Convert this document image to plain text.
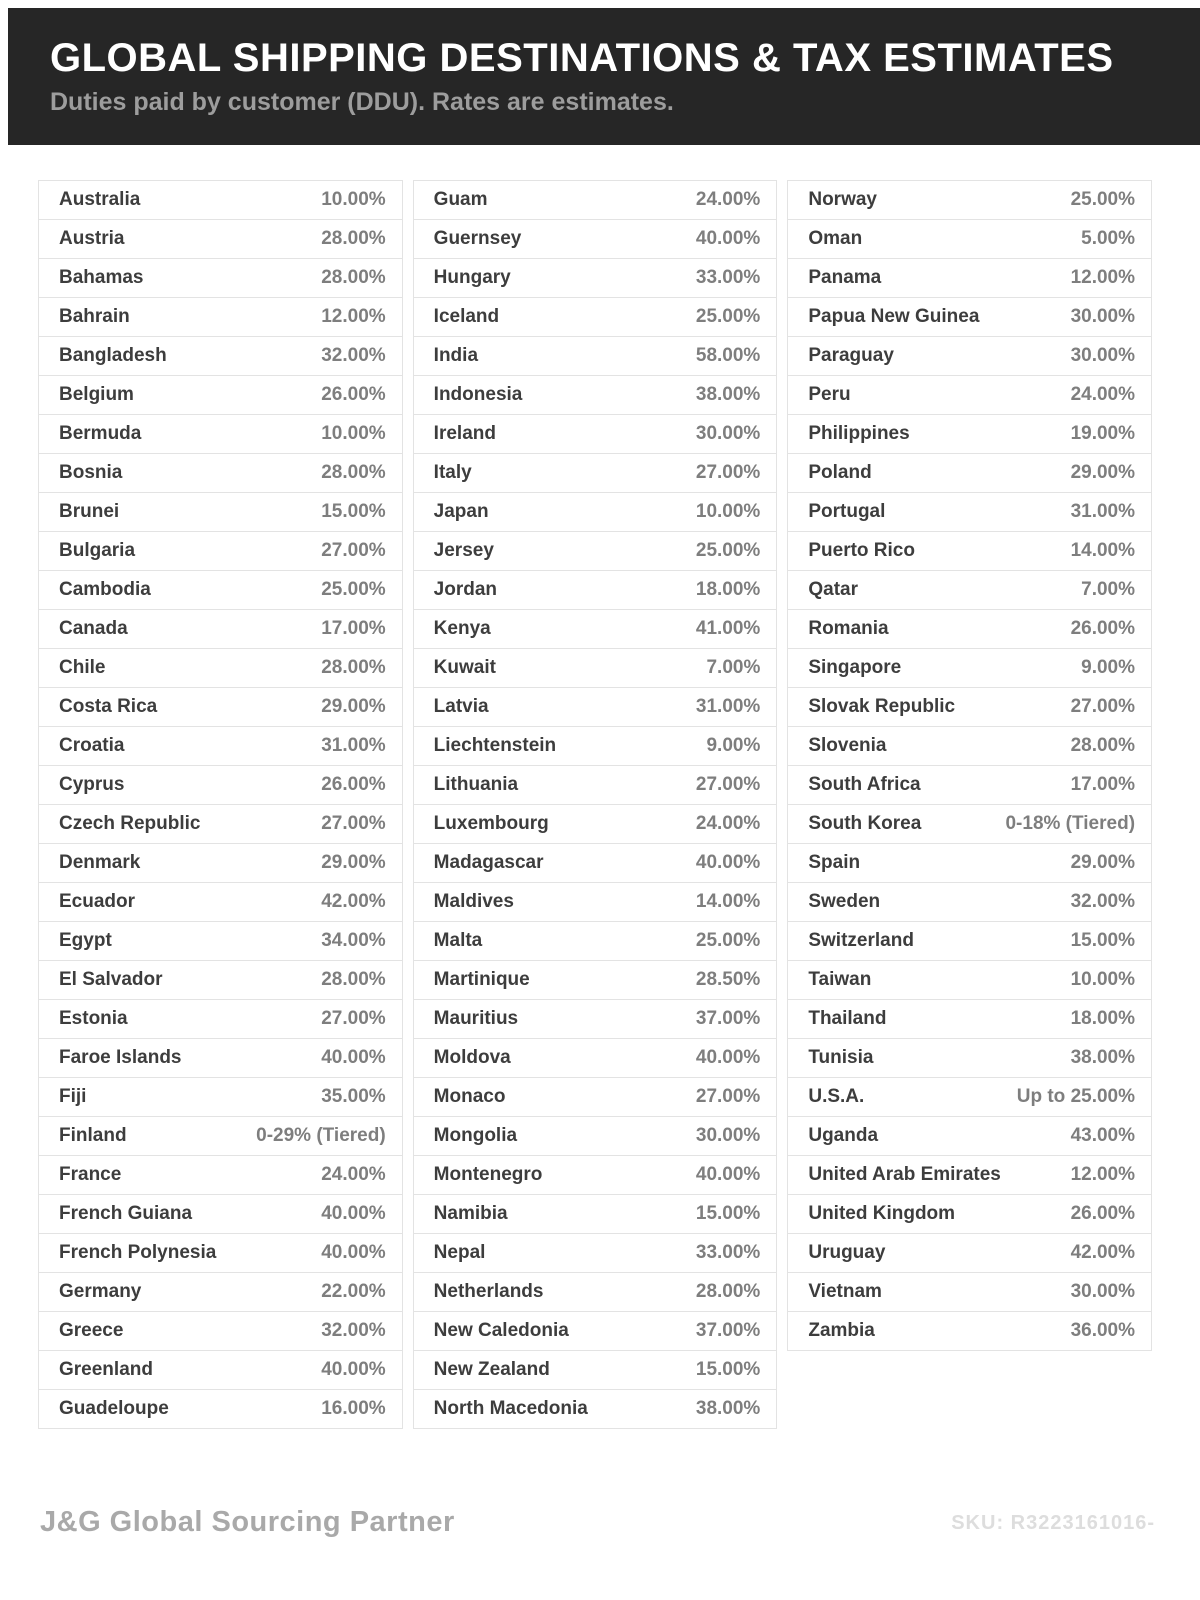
GLOBAL SHIPPING DESTINATIONS & TAX ESTIMATES
Duties paid by customer (DDU). Rates are estimates.
Australia	10.00%
Austria	28.00%
Bahamas	28.00%
Bahrain	12.00%
Bangladesh	32.00%
Belgium	26.00%
Bermuda	10.00%
Bosnia	28.00%
Brunei	15.00%
Bulgaria	27.00%
Cambodia	25.00%
Canada	17.00%
Chile	28.00%
Costa Rica	29.00%
Croatia	31.00%
Cyprus	26.00%
Czech Republic	27.00%
Denmark	29.00%
Ecuador	42.00%
Egypt	34.00%
El Salvador	28.00%
Estonia	27.00%
Faroe Islands	40.00%
Fiji	35.00%
Finland	0-29% (Tiered)
France	24.00%
French Guiana	40.00%
French Polynesia	40.00%
Germany	22.00%
Greece	32.00%
Greenland	40.00%
Guadeloupe	16.00%
Guam	24.00%
Guernsey	40.00%
Hungary	33.00%
Iceland	25.00%
India	58.00%
Indonesia	38.00%
Ireland	30.00%
Italy	27.00%
Japan	10.00%
Jersey	25.00%
Jordan	18.00%
Kenya	41.00%
Kuwait	7.00%
Latvia	31.00%
Liechtenstein	9.00%
Lithuania	27.00%
Luxembourg	24.00%
Madagascar	40.00%
Maldives	14.00%
Malta	25.00%
Martinique	28.50%
Mauritius	37.00%
Moldova	40.00%
Monaco	27.00%
Mongolia	30.00%
Montenegro	40.00%
Namibia	15.00%
Nepal	33.00%
Netherlands	28.00%
New Caledonia	37.00%
New Zealand	15.00%
North Macedonia	38.00%
Norway	25.00%
Oman	5.00%
Panama	12.00%
Papua New Guinea	30.00%
Paraguay	30.00%
Peru	24.00%
Philippines	19.00%
Poland	29.00%
Portugal	31.00%
Puerto Rico	14.00%
Qatar	7.00%
Romania	26.00%
Singapore	9.00%
Slovak Republic	27.00%
Slovenia	28.00%
South Africa	17.00%
South Korea	0-18% (Tiered)
Spain	29.00%
Sweden	32.00%
Switzerland	15.00%
Taiwan	10.00%
Thailand	18.00%
Tunisia	38.00%
U.S.A.	Up to 25.00%
Uganda	43.00%
United Arab Emirates	12.00%
United Kingdom	26.00%
Uruguay	42.00%
Vietnam	30.00%
Zambia	36.00%
J&G Global Sourcing Partner	SKU: R3223161016-
